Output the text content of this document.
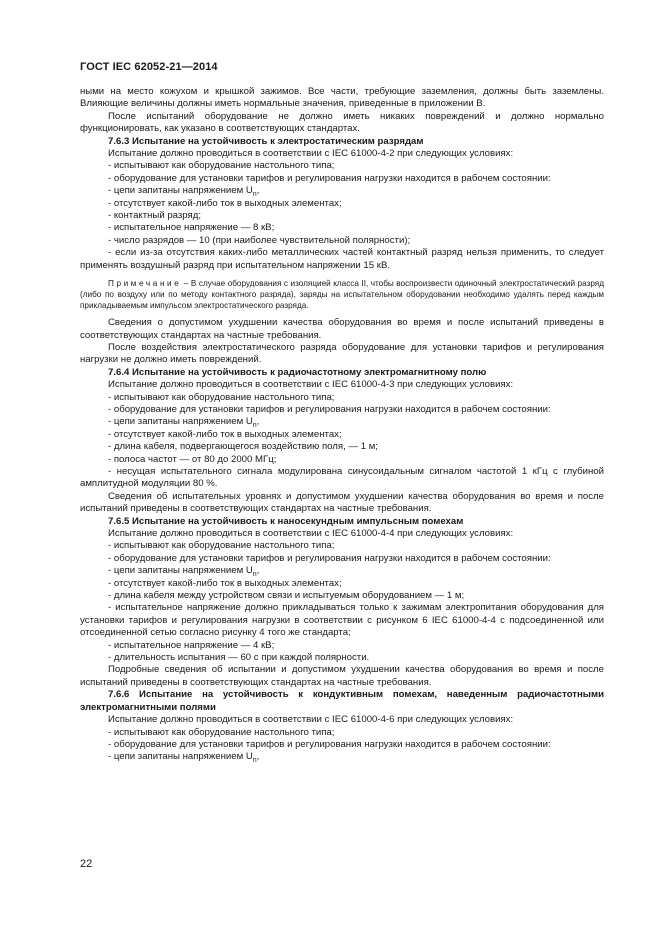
ГОСТ IEC 62052-21—2014

ными на место кожухом и крышкой зажимов. Все части, требующие заземления, должны быть заземлены. Влияющие величины должны иметь нормальные значения, приведенные в приложении В.

После испытаний оборудование не должно иметь никаких повреждений и должно нормально функционировать, как указано в соответствующих стандартах.

7.6.3 Испытание на устойчивость к электростатическим разрядам

Испытание должно проводиться в соответствии с IEC 61000-4-2 при следующих условиях:

- испытывают как оборудование настольного типа;

- оборудование для установки тарифов и регулирования нагрузки находится в рабочем состоянии:

- цепи запитаны напряжением $U_n$,

- отсутствует какой-либо ток в выходных элементах;

- контактный разряд;

- испытательное напряжение — 8 кВ;

- число разрядов — 10 (при наиболее чувствительной полярности);

- если из-за отсутствия каких-либо металлических частей контактный разряд нельзя применить, то следует применять воздушный разряд при испытательном напряжении 15 кВ.

Примечание – В случае оборудования с изоляцией класса II, чтобы воспроизвести одиночный электростатический разряд (либо по воздуху или по методу контактного разряда), заряды на испытательном оборудовании необходимо удалять перед каждым прикладываемым импульсом электростатического разряда.

Сведения о допустимом ухудшении качества оборудования во время и после испытаний приведены в соответствующих стандартах на частные требования.

После воздействия электростатического разряда оборудование для установки тарифов и регулирования нагрузки не должно иметь повреждений.

7.6.4 Испытание на устойчивость к радиочастотному электромагнитному полю

Испытание должно проводиться в соответствии с IEC 61000-4-3 при следующих условиях:

- испытывают как оборудование настольного типа;

- оборудование для установки тарифов и регулирования нагрузки находится в рабочем состоянии:

- цепи запитаны напряжением $U_n$,

- отсутствует какой-либо ток в выходных элементах;

- длина кабеля, подвергающегося воздействию поля, — 1 м;

- полоса частот — от 80 до 2000 МГц;

- несущая испытательного сигнала модулирована синусоидальным сигналом частотой 1 кГц с глубиной амплитудной модуляции 80 %.

Сведения об испытательных уровнях и допустимом ухудшении качества оборудования во время и после испытаний приведены в соответствующих стандартах на частные требования.

7.6.5 Испытание на устойчивость к наносекундным импульсным помехам

Испытание должно проводиться в соответствии с IEC 61000-4-4 при следующих условиях:

- испытывают как оборудование настольного типа;

- оборудование для установки тарифов и регулирования нагрузки находится в рабочем состоянии:

- цепи запитаны напряжением $U_n$,

- отсутствует какой-либо ток в выходных элементах;

- длина кабеля между устройством связи и испытуемым оборудованием — 1 м;

- испытательное напряжение должно прикладываться только к зажимам электропитания оборудования для установки тарифов и регулирования нагрузки в соответствии с рисунком 6 IEC 61000-4-4 с подсоединенной или отсоединенной сетью согласно рисунку 4 того же стандарта;

- испытательное напряжение — 4 кВ;

- длительность испытания — 60 с при каждой полярности.

Подробные сведения об испытании и допустимом ухудшении качества оборудования во время и после испытаний приведены в соответствующих стандартах на частные требования.

7.6.6 Испытание на устойчивость к кондуктивным помехам, наведенным радиочастотными электромагнитными полями

Испытание должно проводиться в соответствии с IEC 61000-4-6 при следующих условиях:

- испытывают как оборудование настольного типа;

- оборудование для установки тарифов и регулирования нагрузки находится в рабочем состоянии:

- цепи запитаны напряжением $U_n$,

22
